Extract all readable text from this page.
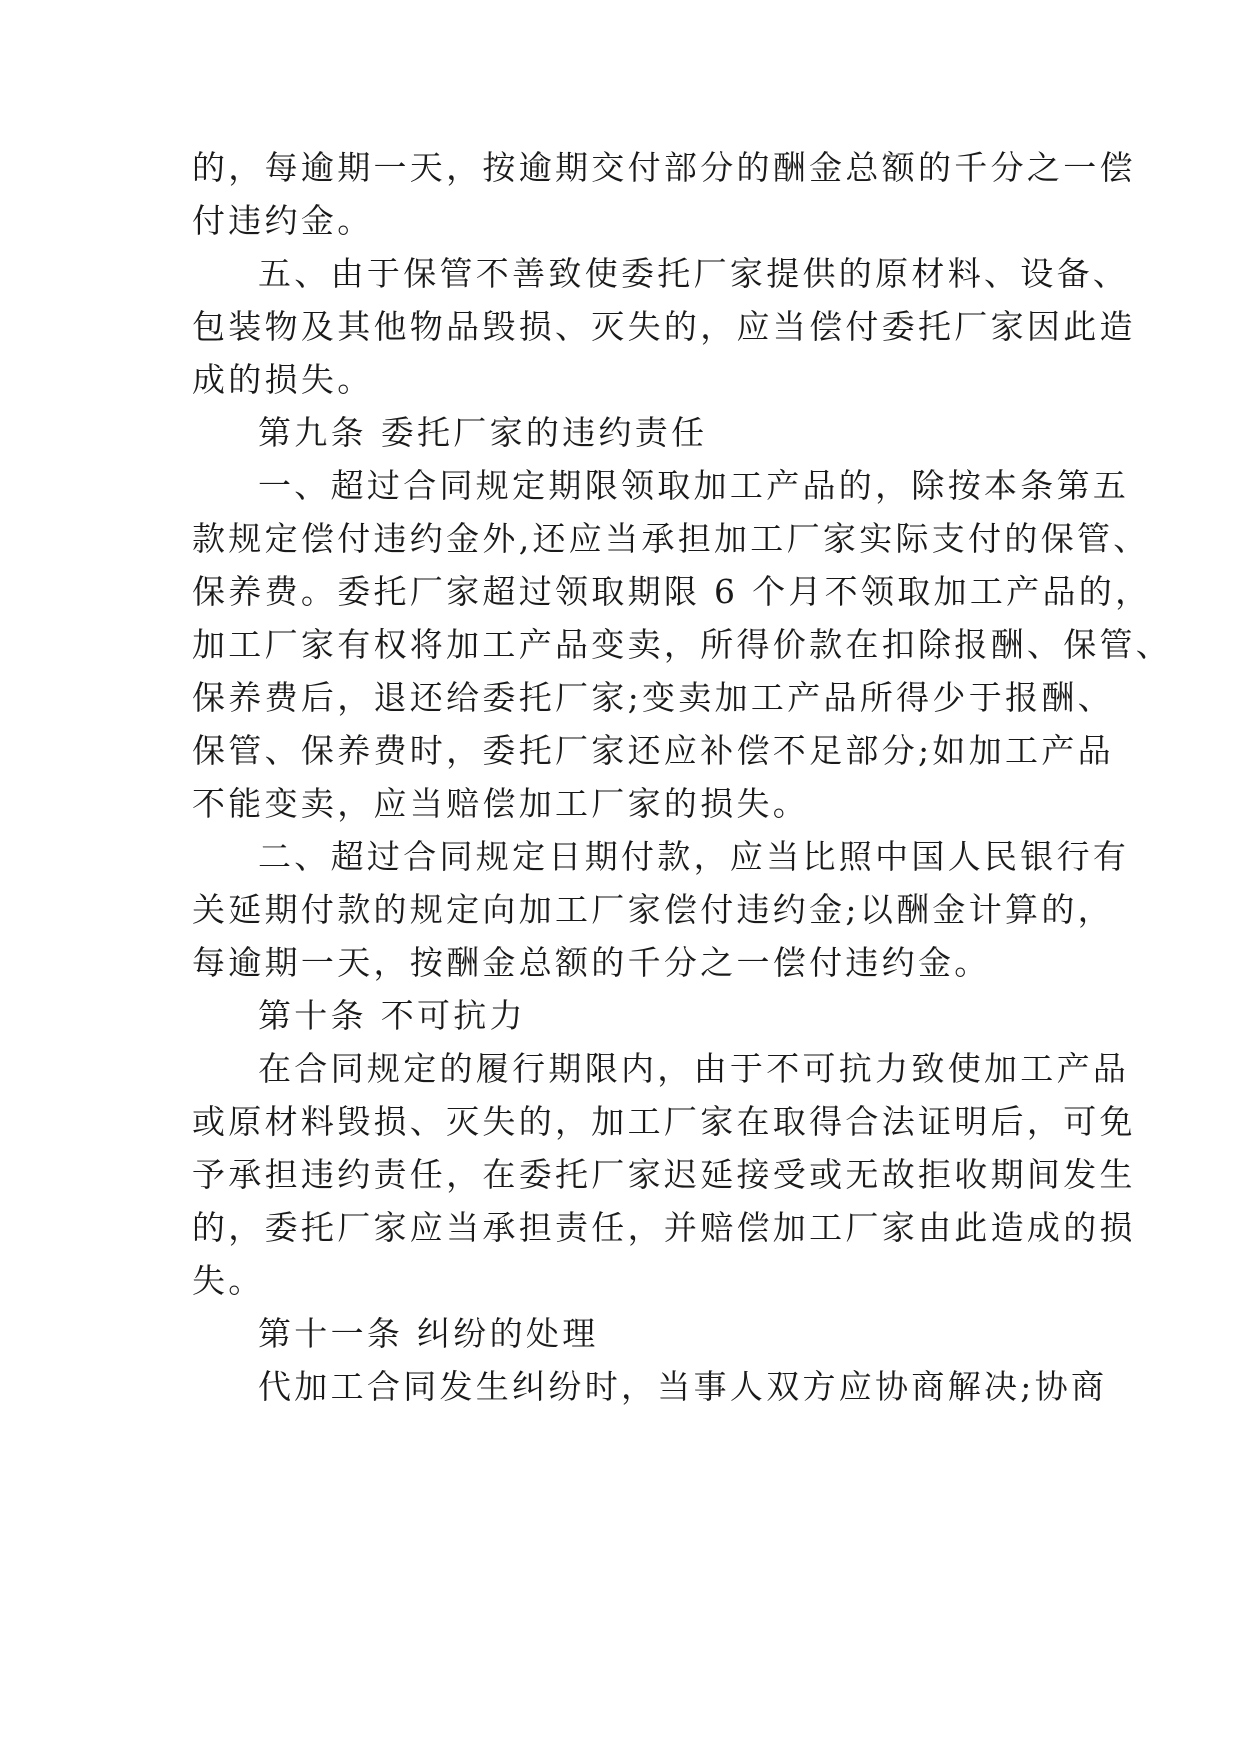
的，每逾期一天，按逾期交付部分的酬金总额的千分之一偿
付违约金。
五、由于保管不善致使委托厂家提供的原材料、设备、
包装物及其他物品毁损、灭失的，应当偿付委托厂家因此造
成的损失。
第九条 委托厂家的违约责任
一、超过合同规定期限领取加工产品的，除按本条第五
款规定偿付违约金外,还应当承担加工厂家实际支付的保管、
保养费。委托厂家超过领取期限 6 个月不领取加工产品的，
加工厂家有权将加工产品变卖，所得价款在扣除报酬、保管、
保养费后，退还给委托厂家;变卖加工产品所得少于报酬、
保管、保养费时，委托厂家还应补偿不足部分;如加工产品
不能变卖，应当赔偿加工厂家的损失。
二、超过合同规定日期付款，应当比照中国人民银行有
关延期付款的规定向加工厂家偿付违约金;以酬金计算的，
每逾期一天，按酬金总额的千分之一偿付违约金。
第十条 不可抗力
在合同规定的履行期限内，由于不可抗力致使加工产品
或原材料毁损、灭失的，加工厂家在取得合法证明后，可免
予承担违约责任，在委托厂家迟延接受或无故拒收期间发生
的，委托厂家应当承担责任，并赔偿加工厂家由此造成的损
失。
第十一条 纠纷的处理
代加工合同发生纠纷时，当事人双方应协商解决;协商
